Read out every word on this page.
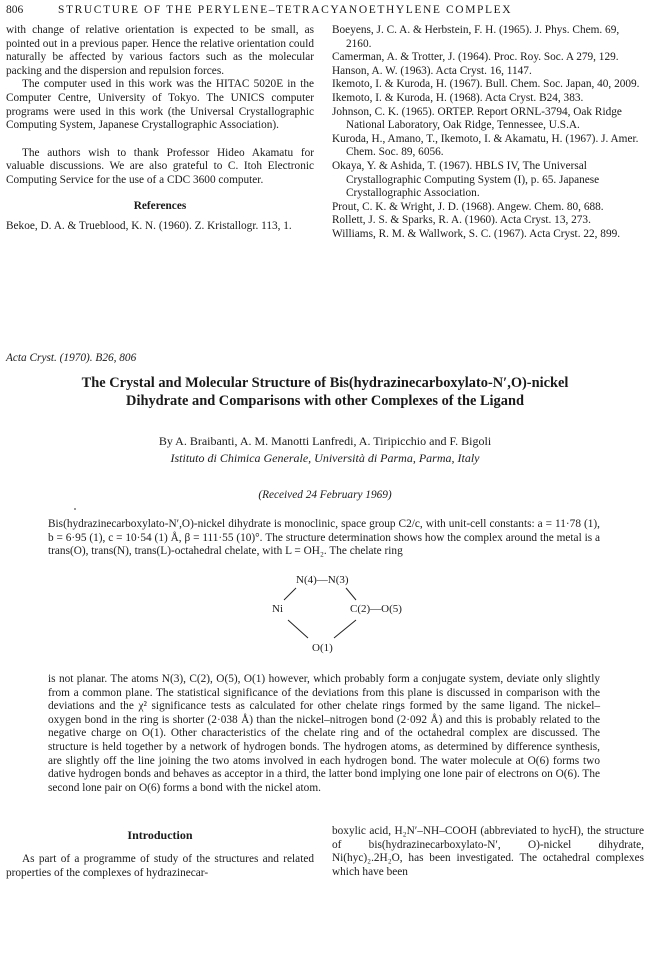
806	STRUCTURE OF THE PERYLENE–TETRACYANOETHYLENE COMPLEX

with change of relative orientation is expected to be small, as pointed out in a previous paper. Hence the relative orientation could naturally be affected by various factors such as the molecular packing and the dispersion and repulsion forces.

The computer used in this work was the HITAC 5020E in the Computer Centre, University of Tokyo. The UNICS computer programs were used in this work (the Universal Crystallographic Computing System, Japanese Crystallographic Association).

The authors wish to thank Professor Hideo Akamatu for valuable discussions. We are also grateful to C. Itoh Electronic Computing Service for the use of a CDC 3600 computer.

References

Bekoe, D. A. & Trueblood, K. N. (1960). Z. Kristallogr. 113, 1.

Boeyens, J. C. A. & Herbstein, F. H. (1965). J. Phys. Chem. 69, 2160.

Camerman, A. & Trotter, J. (1964). Proc. Roy. Soc. A 279, 129.

Hanson, A. W. (1963). Acta Cryst. 16, 1147.

Ikemoto, I. & Kuroda, H. (1967). Bull. Chem. Soc. Japan, 40, 2009.

Ikemoto, I. & Kuroda, H. (1968). Acta Cryst. B24, 383.

Johnson, C. K. (1965). ORTEP. Report ORNL-3794, Oak Ridge National Laboratory, Oak Ridge, Tennessee, U.S.A.

Kuroda, H., Amano, T., Ikemoto, I. & Akamatu, H. (1967). J. Amer. Chem. Soc. 89, 6056.

Okaya, Y. & Ashida, T. (1967). HBLS IV, The Universal Crystallographic Computing System (I), p. 65. Japanese Crystallographic Association.

Prout, C. K. & Wright, J. D. (1968). Angew. Chem. 80, 688.

Rollett, J. S. & Sparks, R. A. (1960). Acta Cryst. 13, 273.

Williams, R. M. & Wallwork, S. C. (1967). Acta Cryst. 22, 899.

Acta Cryst. (1970). B26, 806
The Crystal and Molecular Structure of Bis(hydrazinecarboxylato-N′,O)-nickel
Dihydrate and Comparisons with other Complexes of the Ligand
By A. Braibanti, A. M. Manotti Lanfredi, A. Tiripicchio and F. Bigoli
Istituto di Chimica Generale, Università di Parma, Parma, Italy
(Received 24 February 1969)
Bis(hydrazinecarboxylato-N′,O)-nickel dihydrate is monoclinic, space group C2/c, with unit-cell constants: a = 11·78 (1), b = 6·95 (1), c = 10·54 (1) Å, β = 111·55 (10)°. The structure determination shows how the complex around the metal is a trans(O), trans(N), trans(L)-octahedral chelate, with L = OH₂. The chelate ring
N(4)—N(3)
Ni	C(2)—O(5)
O(1)
is not planar. The atoms N(3), C(2), O(5), O(1) however, which probably form a conjugate system, deviate only slightly from a common plane. The statistical significance of the deviations from this plane is discussed in comparison with the deviations and the χ² significance tests as calculated for other chelate rings formed by the same ligand. The nickel–oxygen bond in the ring is shorter (2·038 Å) than the nickel–nitrogen bond (2·092 Å) and this is probably related to the negative charge on O(1). Other characteristics of the chelate ring and of the octahedral complex are discussed. The structure is held together by a network of hydrogen bonds. The hydrogen atoms, as determined by difference synthesis, are slightly off the line joining the two atoms involved in each hydrogen bond. The water molecule at O(6) forms two dative hydrogen bonds and behaves as acceptor in a third, the latter bond implying one lone pair of electrons on O(6). The second lone pair on O(6) forms a bond with the nickel atom.
Introduction
As part of a programme of study of the structures and related properties of the complexes of hydrazinecar-
boxylic acid, H₂N′–NH–COOH (abbreviated to hycH), the structure of bis(hydrazinecarboxylato-N′, O)-nickel dihydrate, Ni(hyc)₂.2H₂O, has been investigated. The octahedral complexes which have been
